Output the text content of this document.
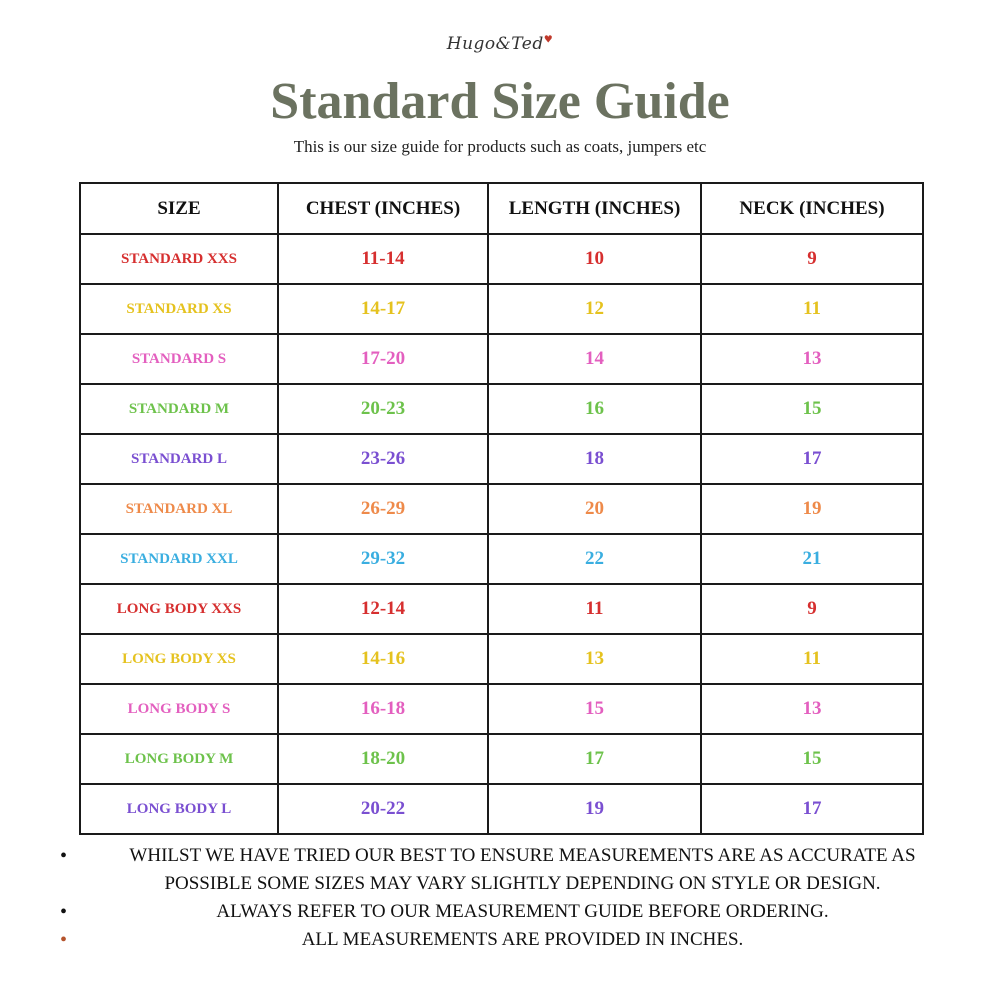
Hugo&Ted♥
Standard Size Guide
This is our size guide for products such as coats, jumpers etc
SIZE	CHEST (INCHES)	LENGTH (INCHES)	NECK (INCHES)
STANDARD XXS	11-14	10	9
STANDARD XS	14-17	12	11
STANDARD S	17-20	14	13
STANDARD M	20-23	16	15
STANDARD L	23-26	18	17
STANDARD XL	26-29	20	19
STANDARD XXL	29-32	22	21
LONG BODY XXS	12-14	11	9
LONG BODY XS	14-16	13	11
LONG BODY S	16-18	15	13
LONG BODY M	18-20	17	15
LONG BODY L	20-22	19	17
•	WHILST WE HAVE TRIED OUR BEST TO ENSURE MEASUREMENTS ARE AS ACCURATE AS POSSIBLE SOME SIZES MAY VARY SLIGHTLY DEPENDING ON STYLE OR DESIGN.
•	ALWAYS REFER TO OUR MEASUREMENT GUIDE BEFORE ORDERING.
•	ALL MEASUREMENTS ARE PROVIDED IN INCHES.
